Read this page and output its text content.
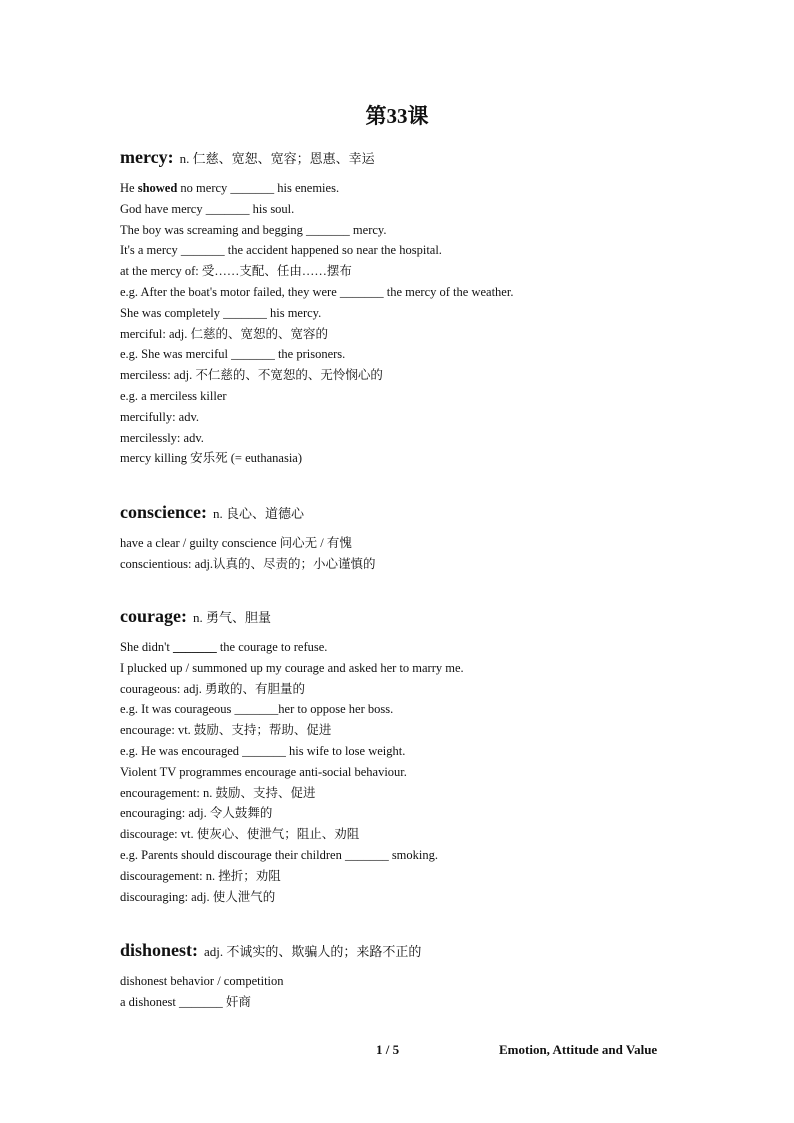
第33课
mercy: n. 仁慈、宽恕、宽容；恩惠、幸运
He showed no mercy _______ his enemies.
God have mercy _______ his soul.
The boy was screaming and begging _______ mercy.
It's a mercy _______ the accident happened so near the hospital.
at the mercy of: 受……支配、任由……摆布
e.g. After the boat's motor failed, they were _______ the mercy of the weather.
She was completely _______ his mercy.
merciful: adj. 仁慈的、宽恕的、宽容的
e.g. She was merciful _______ the prisoners.
merciless: adj. 不仁慈的、不宽恕的、无怜悯心的
e.g. a merciless killer
mercifully: adv.
mercilessly: adv.
mercy killing 安乐死 (= euthanasia)
conscience: n. 良心、道德心
have a clear / guilty conscience 问心无 / 有愧
conscientious: adj.认真的、尽责的；小心谨慎的
courage: n. 勇气、胆量
She didn't _______ the courage to refuse.
I plucked up / summoned up my courage and asked her to marry me.
courageous: adj. 勇敢的、有胆量的
e.g. It was courageous _______her to oppose her boss.
encourage: vt. 鼓励、支持；帮助、促进
e.g. He was encouraged _______ his wife to lose weight.
Violent TV programmes encourage anti-social behaviour.
encouragement: n. 鼓励、支持、促进
encouraging: adj. 令人鼓舞的
discourage: vt. 使灰心、使泄气；阻止、劝阻
e.g. Parents should discourage their children _______ smoking.
discouragement: n. 挫折；劝阻
discouraging: adj. 使人泄气的
dishonest: adj. 不诚实的、欺骗人的；来路不正的
dishonest behavior / competition
a dishonest _______ 奸商
1 / 5	Emotion, Attitude and Value
